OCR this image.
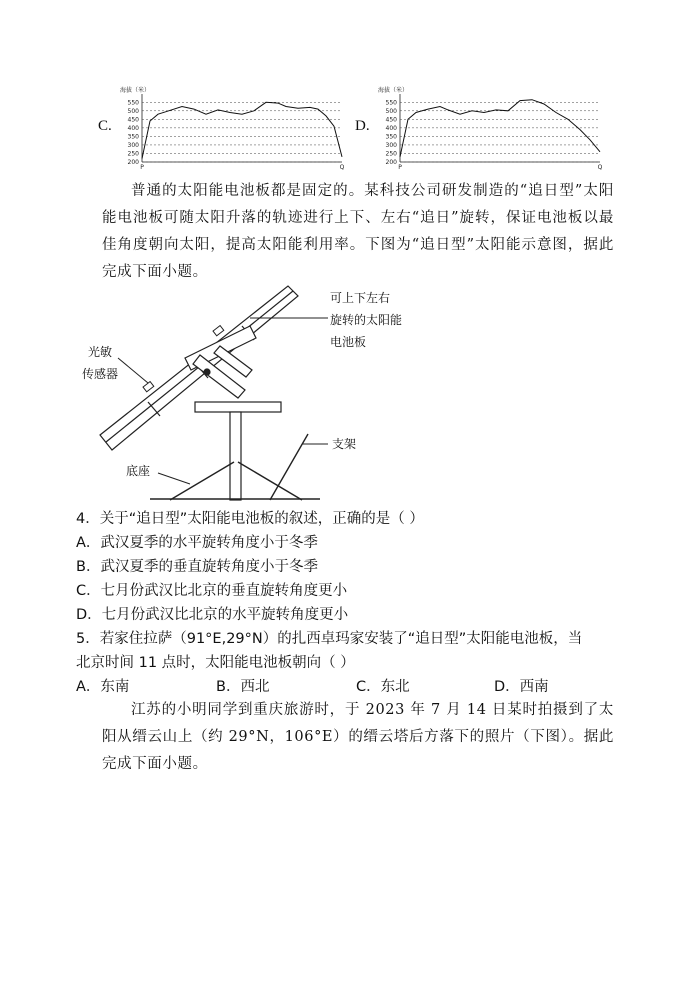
C.
海拔（米）
200
250
300
350
400
450
500
550
P	Q
D.
海拔（米）
200
250
300
350
400
450
500
550
P	Q
普通的太阳能电池板都是固定的。某科技公司研发制造的“追日型”太阳能电池板可随太阳升落的轨迹进行上下、左右“追日”旋转，保证电池板以最佳角度朝向太阳，提高太阳能利用率。下图为“追日型”太阳能示意图，据此完成下面小题。
可上下左右
旋转的太阳能
电池板
光敏
传感器
支架
底座
4．关于“追日型”太阳能电池板的叙述，正确的是（ ）
A．武汉夏季的水平旋转角度小于冬季
B．武汉夏季的垂直旋转角度小于冬季
C．七月份武汉比北京的垂直旋转角度更小
D．七月份武汉比北京的水平旋转角度更小
5．若家住拉萨（91°E,29°N）的扎西卓玛家安装了“追日型”太阳能电池板，当
北京时间 11 点时，太阳能电池板朝向（ ）
A．东南	B．西北	C．东北	D．西南
江苏的小明同学到重庆旅游时，于 2023 年 7 月 14 日某时拍摄到了太阳从缙云山上（约 29°N，106°E）的缙云塔后方落下的照片（下图）。据此完成下面小题。
